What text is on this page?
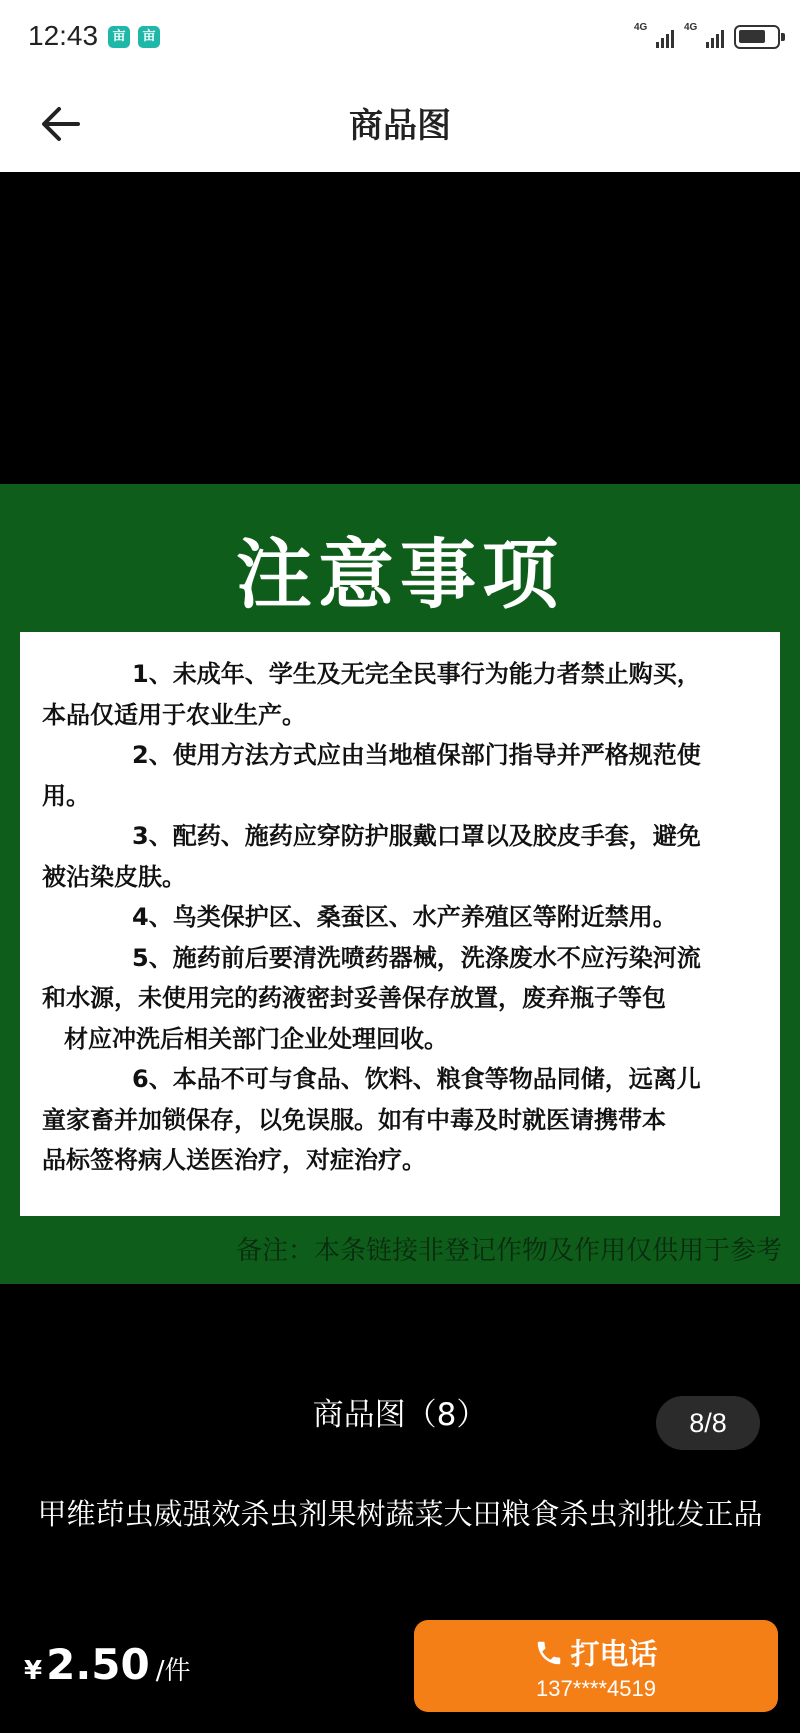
12:43	亩	亩
4G	4G
商品图
注意事项

1、未成年、学生及无完全民事行为能力者禁止购买，

本品仅适用于农业生产。

2、使用方法方式应由当地植保部门指导并严格规范使

用。

3、配药、施药应穿防护服戴口罩以及胶皮手套，避免

被沾染皮肤。

4、鸟类保护区、桑蚕区、水产养殖区等附近禁用。

5、施药前后要清洗喷药器械，洗涤废水不应污染河流

和水源，未使用完的药液密封妥善保存放置，废弃瓶子等包

材应冲洗后相关部门企业处理回收。

6、本品不可与食品、饮料、粮食等物品同储，远离儿

童家畜并加锁保存，以免误服。如有中毒及时就医请携带本

品标签将病人送医治疗，对症治疗。

备注：本条链接非登记作物及作用仅供用于参考
商品图（8）	8/8
甲维茚虫威强效杀虫剂果树蔬菜大田粮食杀虫剂批发正品
¥ 2.50 /件	打电话
137****4519
